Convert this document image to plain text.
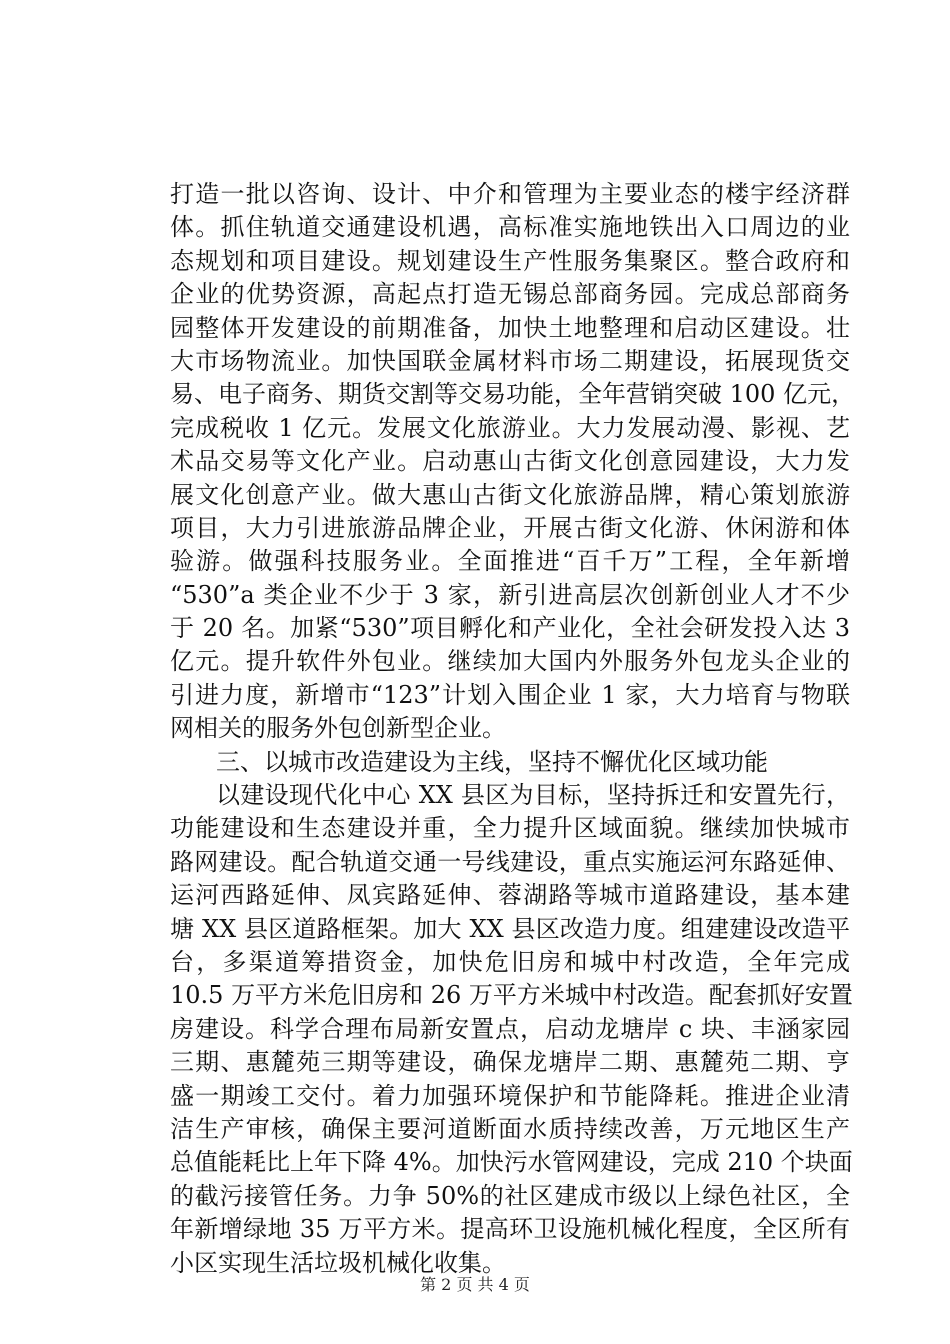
打造一批以咨询、设计、中介和管理为主要业态的楼宇经济群
体。抓住轨道交通建设机遇，高标准实施地铁出入口周边的业
态规划和项目建设。规划建设生产性服务集聚区。整合政府和
企业的优势资源，高起点打造无锡总部商务园。完成总部商务
园整体开发建设的前期准备，加快土地整理和启动区建设。壮
大市场物流业。加快国联金属材料市场二期建设，拓展现货交
易、电子商务、期货交割等交易功能，全年营销突破 100 亿元，
完成税收 1 亿元。发展文化旅游业。大力发展动漫、影视、艺
术品交易等文化产业。启动惠山古街文化创意园建设，大力发
展文化创意产业。做大惠山古街文化旅游品牌，精心策划旅游
项目，大力引进旅游品牌企业，开展古街文化游、休闲游和体
验游。做强科技服务业。全面推进“百千万”工程，全年新增
“530”a 类企业不少于 3 家，新引进高层次创新创业人才不少
于 20 名。加紧“530”项目孵化和产业化，全社会研发投入达 3
亿元。提升软件外包业。继续加大国内外服务外包龙头企业的
引进力度，新增市“123”计划入围企业 1 家，大力培育与物联
网相关的服务外包创新型企业。
三、以城市改造建设为主线，坚持不懈优化区域功能
以建设现代化中心 XX 县区为目标，坚持拆迁和安置先行，
功能建设和生态建设并重，全力提升区域面貌。继续加快城市
路网建设。配合轨道交通一号线建设，重点实施运河东路延伸、
运河西路延伸、凤宾路延伸、蓉湖路等城市道路建设，基本建
塘 XX 县区道路框架。加大 XX 县区改造力度。组建建设改造平
台，多渠道筹措资金，加快危旧房和城中村改造，全年完成
10.5 万平方米危旧房和 26 万平方米城中村改造。配套抓好安置
房建设。科学合理布局新安置点，启动龙塘岸 c 块、丰涵家园
三期、惠麓苑三期等建设，确保龙塘岸二期、惠麓苑二期、亨
盛一期竣工交付。着力加强环境保护和节能降耗。推进企业清
洁生产审核，确保主要河道断面水质持续改善，万元地区生产
总值能耗比上年下降 4%。加快污水管网建设，完成 210 个块面
的截污接管任务。力争 50%的社区建成市级以上绿色社区，全
年新增绿地 35 万平方米。提高环卫设施机械化程度，全区所有
小区实现生活垃圾机械化收集。
第 2 页 共 4 页
